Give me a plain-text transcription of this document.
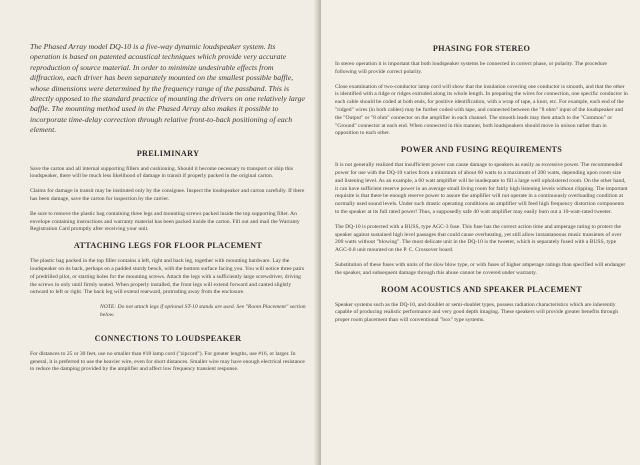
The Phased Array model DQ-10 is a five-way dynamic loudspeaker system. Its operation is based on patented acoustical techniques which provide very accurate reproduction of source material. In order to minimize undesirable effects from diffraction, each driver has been separately mounted on the smallest possible baffle, whose dimensions were determined by the frequency range of the passband. This is directly opposed to the standard practice of mounting the drivers on one relatively large baffle. The mounting method used in the Phased Array also makes it possible to incorporate time-delay correction through relative front-to-back positioning of each element.

PRELIMINARY

Save the carton and all internal supporting fillers and cushioning. Should it become necessary to transport or ship this loudspeaker, there will be much less likelihood of damage in transit if properly packed in the original carton.

Claims for damage in transit may be instituted only by the consignee. Inspect the loudspeaker and carton carefully. If there has been damage, save the carton for inspection by the carrier.

Be sure to remove the plastic bag containing three legs and mounting screws packed inside the top supporting filler. An envelope containing instructions and warranty material has been packed inside the carton. Fill out and mail the Warranty Registration Card promptly after receiving your unit.

ATTACHING LEGS FOR FLOOR PLACEMENT

The plastic bag packed in the top filler contains a left, right and back leg, together with mounting hardware. Lay the loudspeaker on its back, perhaps on a padded sturdy bench, with the bottom surface facing you. You will notice three pairs of predrilled pilot, or starting holes for the mounting screws. Attach the legs with a sufficiently large screwdriver, driving the screws in only until firmly seated. When properly installed, the front legs will extend forward and canted slightly outward to left or right. The back leg will extend rearward, protruding away from the enclosure.

NOTE: Do not attach legs if optional ST-10 stands are used. See "Room Placement" section below.

CONNECTIONS TO LOUDSPEAKER

For distances to 25 or 30 feet, use no smaller than #18 lamp cord ("zipcord"). For greater lengths, use #16, or larger. In general, it is preferred to use the heavier wire, even for short distances. Smaller wire may have enough electrical resistance to reduce the damping provided by the amplifier and affect low frequency transient response.

PHASING FOR STEREO

In stereo operation it is important that both loudspeaker systems be connected in correct phase, or polarity. The procedure following will provide correct polarity.

Close examination of two-conductor lamp cord will show that the insulation covering one conductor is smooth, and that the other is identified with a ridge or ridges extruded along its whole length. In preparing the wires for connection, one specific conductor in each cable should be coded at both ends, for positive identification, with a wrap of tape, a knot, etc. For example, each end of the "ridged" wires (in both cables) may be further coded with tape, and connected between the "8 ohm" input of the loudspeaker and the "Output" or "8 ohm" connector on the amplifier in each channel. The smooth leads may then attach to the "Common" or "Ground" connector at each end. When connected in this manner, both loudspeakers should move in unison rather than in opposition to each other.

POWER AND FUSING REQUIREMENTS

It is not generally realized that insufficient power can cause damage to speakers as easily as excessive power. The recommended power for use with the DQ-10 varies from a minimum of about 60 watts to a maximum of 200 watts, depending upon room size and listening level. As an example, a 60 watt amplifier will be inadequate to fill a large well upholstered room. On the other hand, it can have sufficient reserve power in an average small living room for fairly high listening levels without clipping. The important requisite is that there be enough reserve power to assure the amplifier will not operate in a continuously overloading condition at normally used sound levels. Under such drastic operating conditions an amplifier will feed high frequency distortion components to the speaker at its full rated power! Thus, a supposedly safe 40 watt amplifier may easily burn out a 10-watt-rated tweeter.

The DQ-10 is protected with a BUSS, type AGC-3 fuse. This fuse has the correct action time and amperage rating to protect the speaker against sustained high level passages that could cause overheating, yet still allow instantaneous music transients of over 200 watts without "blowing". The most delicate unit in the DQ-10 is the tweeter, which is separately fused with a BUSS, type AGC-0.8 unit mounted on the P. C. Crossover board.

Substitution of these fuses with units of the slow blow type, or with fuses of higher amperage ratings than specified will endanger the speaker, and subsequent damage through this abuse cannot be covered under warranty.

ROOM ACOUSTICS AND SPEAKER PLACEMENT

Speaker systems such as the DQ-10, and doublet or semi-doublet types, possess radiation characteristics which are inherently capable of producing realistic performance and very good depth imaging. These speakers will provide greater benefits through proper room placement than will conventional "box" type systems.
